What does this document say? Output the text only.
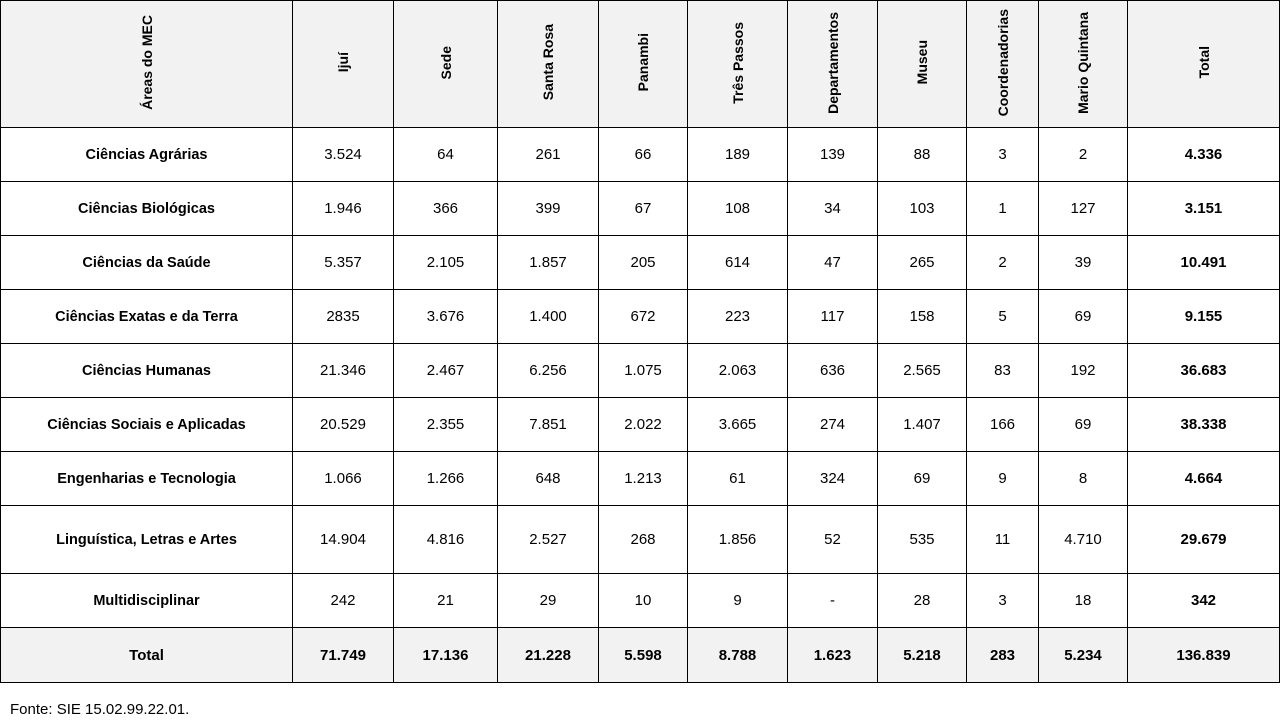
Áreas do MEC	Ijuí	Sede	Santa Rosa	Panambi	Três Passos	Departamentos	Museu	Coordenadorias	Mario Quintana	Total
Ciências Agrárias	3.524	64	261	66	189	139	88	3	2	4.336
Ciências Biológicas	1.946	366	399	67	108	34	103	1	127	3.151
Ciências da Saúde	5.357	2.105	1.857	205	614	47	265	2	39	10.491
Ciências Exatas e da Terra	2835	3.676	1.400	672	223	117	158	5	69	9.155
Ciências Humanas	21.346	2.467	6.256	1.075	2.063	636	2.565	83	192	36.683
Ciências Sociais e Aplicadas	20.529	2.355	7.851	2.022	3.665	274	1.407	166	69	38.338
Engenharias e Tecnologia	1.066	1.266	648	1.213	61	324	69	9	8	4.664
Linguística, Letras e Artes	14.904	4.816	2.527	268	1.856	52	535	11	4.710	29.679
Multidisciplinar	242	21	29	10	9	-	28	3	18	342
Total	71.749	17.136	21.228	5.598	8.788	1.623	5.218	283	5.234	136.839
Fonte: SIE 15.02.99.22.01.
